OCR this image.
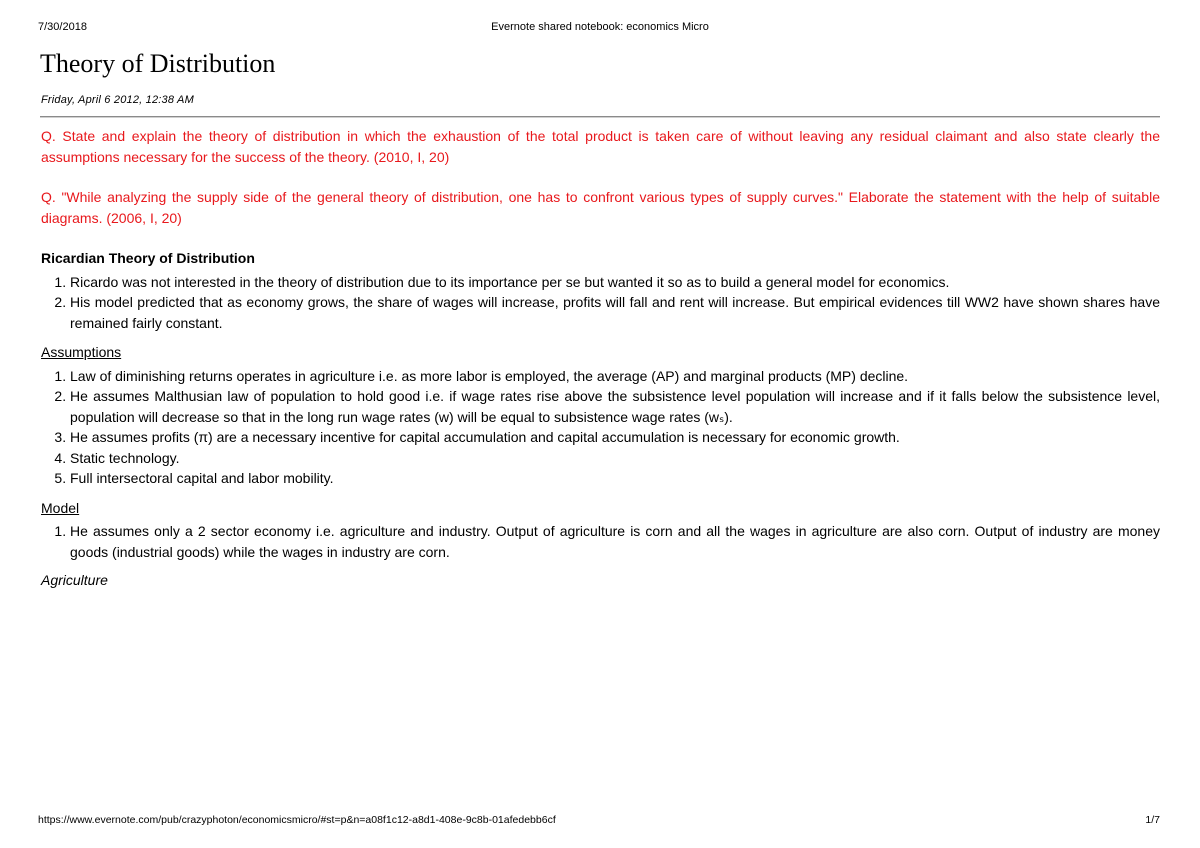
7/30/2018	Evernote shared notebook: economics Micro
Theory of Distribution
Friday, April 6 2012, 12:38 AM

Q. State and explain the theory of distribution in which the exhaustion of the total product is taken care of without leaving any residual claimant and also state clearly the assumptions necessary for the success of the theory. (2010, I, 20)

Q. "While analyzing the supply side of the general theory of distribution, one has to confront various types of supply curves." Elaborate the statement with the help of suitable diagrams. (2006, I, 20)

Ricardian Theory of Distribution
1. Ricardo was not interested in the theory of distribution due to its importance per se but wanted it so as to build a general model for economics.
2. His model predicted that as economy grows, the share of wages will increase, profits will fall and rent will increase. But empirical evidences till WW2 have shown shares have remained fairly constant.
Assumptions
1. Law of diminishing returns operates in agriculture i.e. as more labor is employed, the average (AP) and marginal products (MP) decline.
2. He assumes Malthusian law of population to hold good i.e. if wage rates rise above the subsistence level population will increase and if it falls below the subsistence level, population will decrease so that in the long run wage rates (w) will be equal to subsistence wage rates (wₛ).
3. He assumes profits (π) are a necessary incentive for capital accumulation and capital accumulation is necessary for economic growth.
4. Static technology.
5. Full intersectoral capital and labor mobility.
Model
1. He assumes only a 2 sector economy i.e. agriculture and industry. Output of agriculture is corn and all the wages in agriculture are also corn. Output of industry are money goods (industrial goods) while the wages in industry are corn.
Agriculture
https://www.evernote.com/pub/crazyphoton/economicsmicro/#st=p&n=a08f1c12-a8d1-408e-9c8b-01afedebb6cf	1/7
